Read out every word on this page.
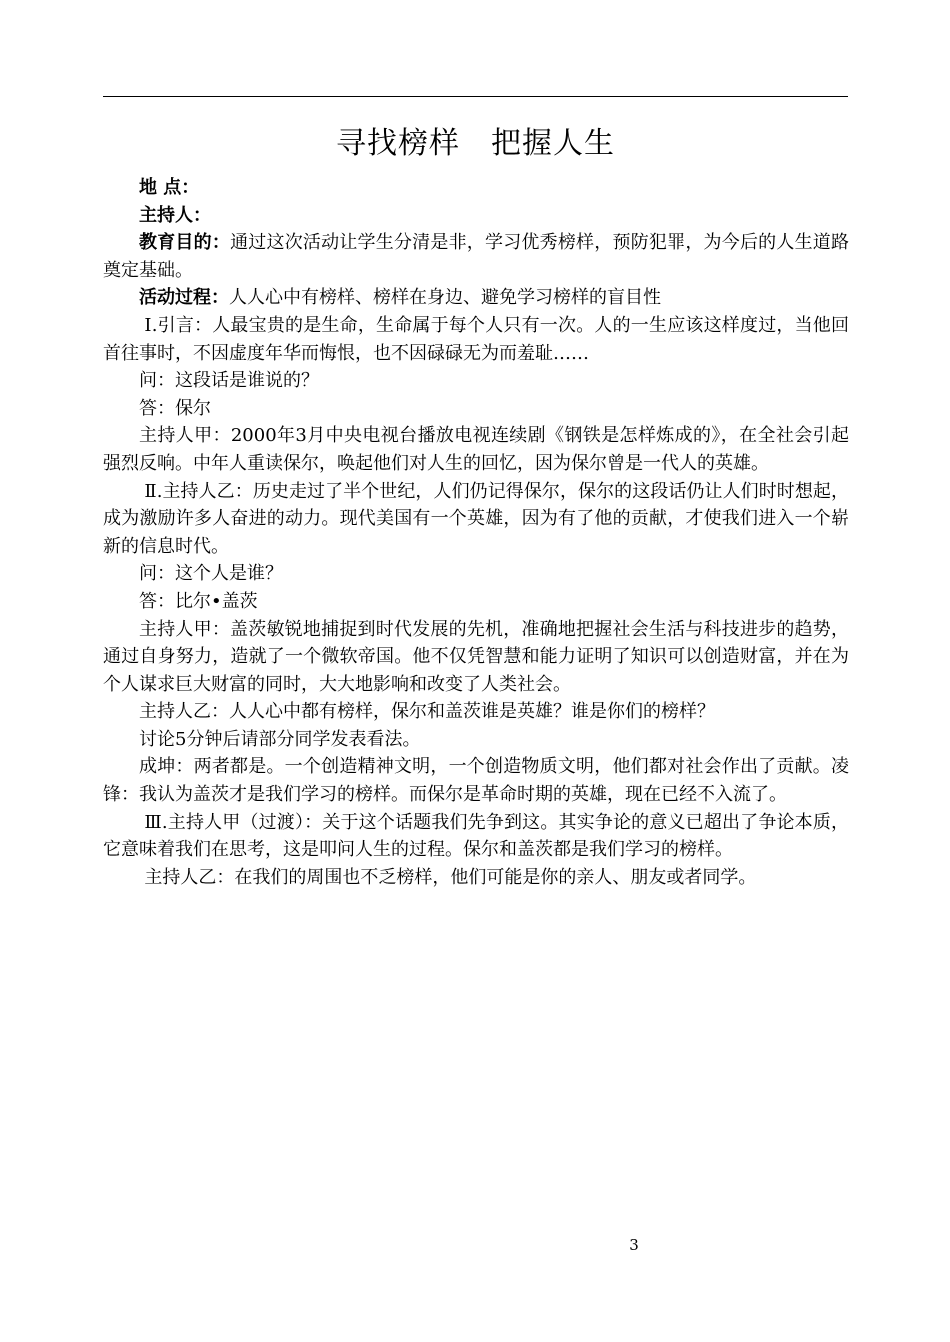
寻找榜样　把握人生

地 点：

主持人：

教育目的：通过这次活动让学生分清是非，学习优秀榜样，预防犯罪，为今后的人生道路奠定基础。

活动过程：人人心中有榜样、榜样在身边、避免学习榜样的盲目性

Ⅰ.引言：人最宝贵的是生命，生命属于每个人只有一次。人的一生应该这样度过，当他回首往事时，不因虚度年华而悔恨，也不因碌碌无为而羞耻……

问：这段话是谁说的？

答：保尔

主持人甲：2000年3月中央电视台播放电视连续剧《钢铁是怎样炼成的》，在全社会引起强烈反响。中年人重读保尔，唤起他们对人生的回忆，因为保尔曾是一代人的英雄。

Ⅱ.主持人乙：历史走过了半个世纪，人们仍记得保尔，保尔的这段话仍让人们时时想起，成为激励许多人奋进的动力。现代美国有一个英雄，因为有了他的贡献，才使我们进入一个崭新的信息时代。

问：这个人是谁？

答：比尔•盖茨

主持人甲：盖茨敏锐地捕捉到时代发展的先机，准确地把握社会生活与科技进步的趋势，通过自身努力，造就了一个微软帝国。他不仅凭智慧和能力证明了知识可以创造财富，并在为个人谋求巨大财富的同时，大大地影响和改变了人类社会。

主持人乙：人人心中都有榜样，保尔和盖茨谁是英雄？谁是你们的榜样？

讨论5分钟后请部分同学发表看法。

成坤：两者都是。一个创造精神文明，一个创造物质文明，他们都对社会作出了贡献。凌锋：我认为盖茨才是我们学习的榜样。而保尔是革命时期的英雄，现在已经不入流了。

Ⅲ.主持人甲（过渡）：关于这个话题我们先争到这。其实争论的意义已超出了争论本质，它意味着我们在思考，这是叩问人生的过程。保尔和盖茨都是我们学习的榜样。

主持人乙：在我们的周围也不乏榜样，他们可能是你的亲人、朋友或者同学。

3
